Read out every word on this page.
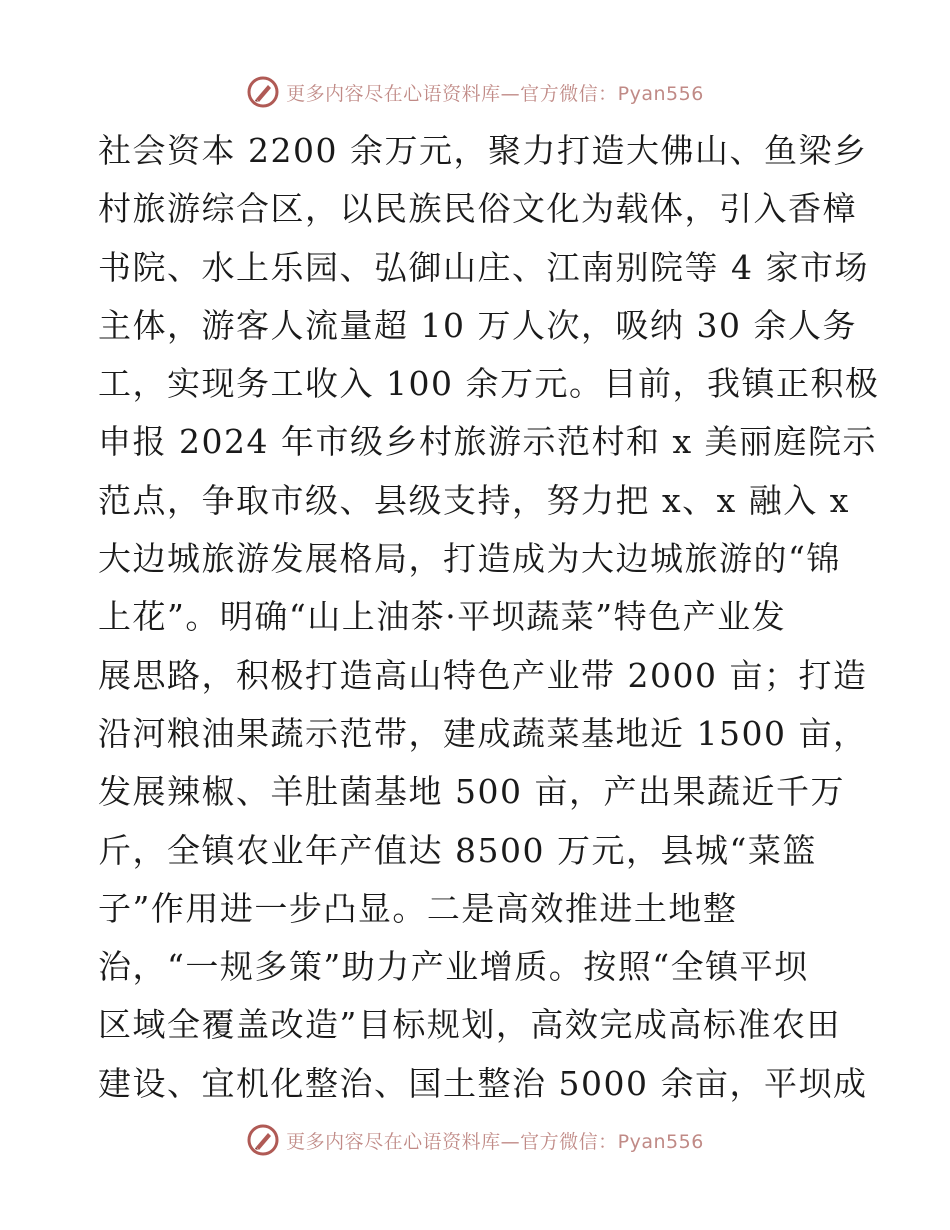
更多内容尽在心语资料库—官方微信：Pyan556
社会资本 2200 余万元，聚力打造大佛山、鱼梁乡
村旅游综合区，以民族民俗文化为载体，引入香樟
书院、水上乐园、弘御山庄、江南别院等 4 家市场
主体，游客人流量超 10 万人次，吸纳 30 余人务
工，实现务工收入 100 余万元。目前，我镇正积极
申报 2024 年市级乡村旅游示范村和 x 美丽庭院示
范点，争取市级、县级支持，努力把 x、x 融入 x
大边城旅游发展格局，打造成为大边城旅游的“锦
上花”。明确“山上油茶·平坝蔬菜”特色产业发
展思路，积极打造高山特色产业带 2000 亩；打造
沿河粮油果蔬示范带，建成蔬菜基地近 1500 亩，
发展辣椒、羊肚菌基地 500 亩，产出果蔬近千万
斤，全镇农业年产值达 8500 万元，县城“菜篮
子”作用进一步凸显。二是高效推进土地整
治，“一规多策”助力产业增质。按照“全镇平坝
区域全覆盖改造”目标规划，高效完成高标准农田
建设、宜机化整治、国土整治 5000 余亩，平坝成
更多内容尽在心语资料库—官方微信：Pyan556
